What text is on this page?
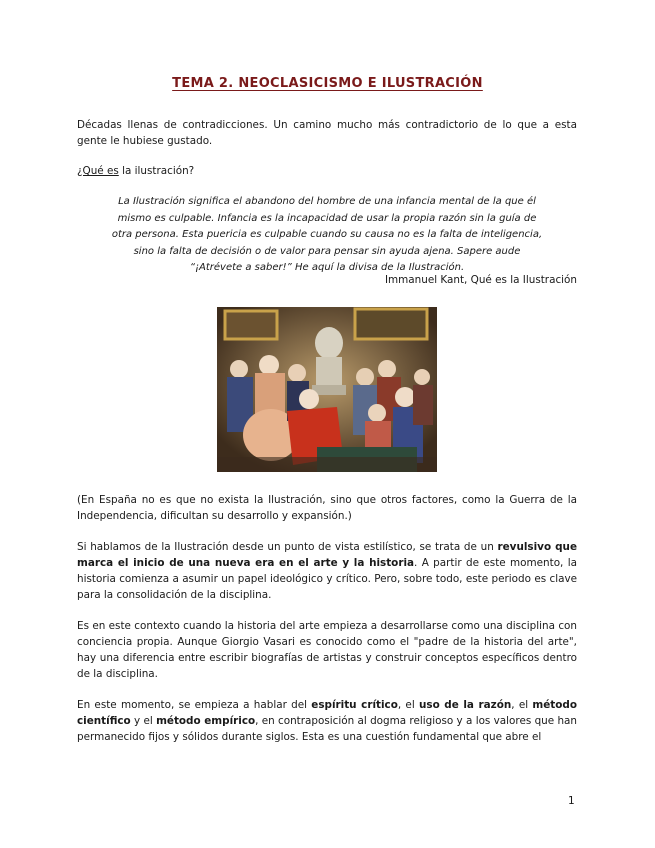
TEMA 2. NEOCLASICISMO E ILUSTRACIÓN

Décadas llenas de contradicciones. Un camino mucho más contradictorio de lo que a esta gente le hubiese gustado.

¿Qué es la ilustración?

La Ilustración significa el abandono del hombre de una infancia mental de la que él mismo es culpable. Infancia es la incapacidad de usar la propia razón sin la guía de otra persona. Esta puericia es culpable cuando su causa no es la falta de inteligencia, sino la falta de decisión o de valor para pensar sin ayuda ajena. Sapere aude “¡Atrévete a saber!” He aquí la divisa de la Ilustración.

Immanuel Kant, Qué es la Ilustración

(En España no es que no exista la Ilustración, sino que otros factores, como la Guerra de la Independencia, dificultan su desarrollo y expansión.)

Si hablamos de la Ilustración desde un punto de vista estilístico, se trata de un revulsivo que marca el inicio de una nueva era en el arte y la historia. A partir de este momento, la historia comienza a asumir un papel ideológico y crítico. Pero, sobre todo, este periodo es clave para la consolidación de la disciplina.

Es en este contexto cuando la historia del arte empieza a desarrollarse como una disciplina con conciencia propia. Aunque Giorgio Vasari es conocido como el "padre de la historia del arte", hay una diferencia entre escribir biografías de artistas y construir conceptos específicos dentro de la disciplina.

En este momento, se empieza a hablar del espíritu crítico, el uso de la razón, el método científico y el método empírico, en contraposición al dogma religioso y a los valores que han permanecido fijos y sólidos durante siglos. Esta es una cuestión fundamental que abre el

1
